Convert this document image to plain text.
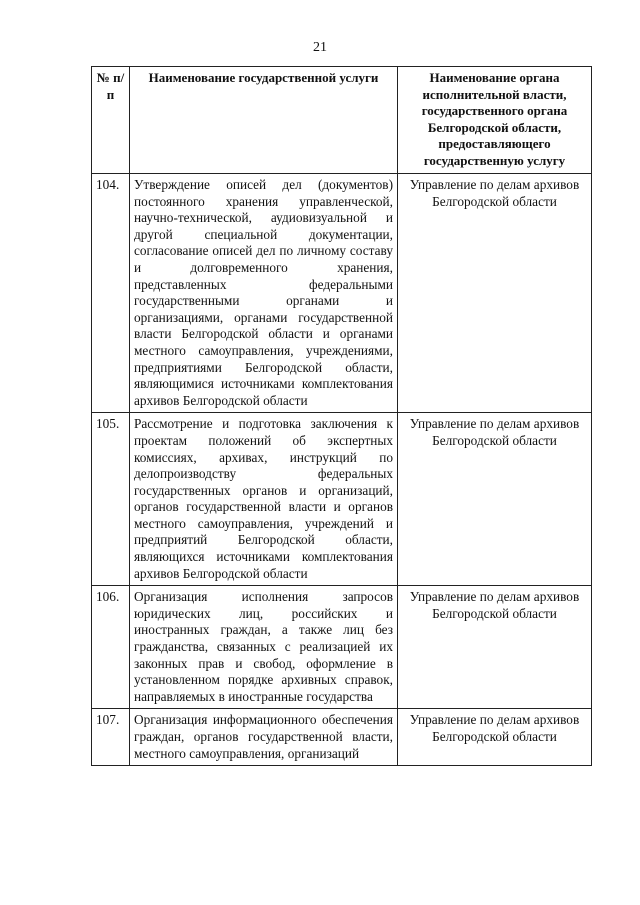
21
№ п/п	Наименование государственной услуги	Наименование органа исполнительной власти, государственного органа Белгородской области, предоставляющего государственную услугу
104.	Утверждение описей дел (документов) постоянного хранения управленческой, научно-технической, аудиовизуальной и другой специальной документации, согласование описей дел по личному составу и долговременного хранения, представленных федеральными государственными органами и организациями, органами государственной власти Белгородской области и органами местного самоуправления, учреждениями, предприятиями Белгородской области, являющимися источниками комплектования архивов Белгородской области	Управление по делам архивов Белгородской области
105.	Рассмотрение и подготовка заключения к проектам положений об экспертных комиссиях, архивах, инструкций по делопроизводству федеральных государственных органов и организаций, органов государственной власти и органов местного самоуправления, учреждений и предприятий Белгородской области, являющихся источниками комплектования архивов Белгородской области	Управление по делам архивов Белгородской области
106.	Организация исполнения запросов юридических лиц, российских и иностранных граждан, а также лиц без гражданства, связанных с реализацией их законных прав и свобод, оформление в установленном порядке архивных справок, направляемых в иностранные государства	Управление по делам архивов Белгородской области
107.	Организация информационного обеспечения граждан, органов государственной власти, местного самоуправления, организаций	Управление по делам архивов Белгородской области
